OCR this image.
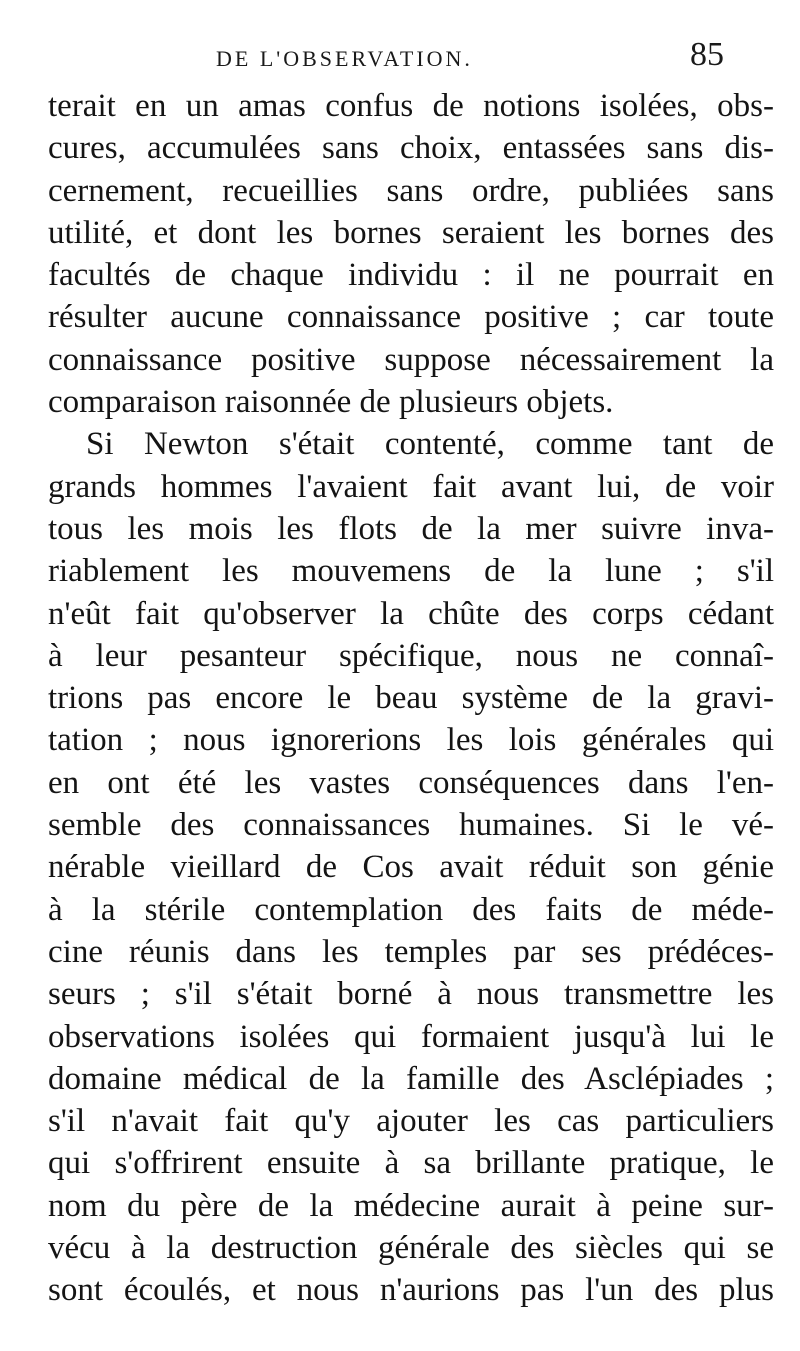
DE L'OBSERVATION.	85
terait en un amas confus de notions isolées, obs-
cures, accumulées sans choix, entassées sans dis-
cernement, recueillies sans ordre, publiées sans
utilité, et dont les bornes seraient les bornes des
facultés de chaque individu : il ne pourrait en
résulter aucune connaissance positive ; car toute
connaissance positive suppose nécessairement la
comparaison raisonnée de plusieurs objets.
Si Newton s'était contenté, comme tant de
grands hommes l'avaient fait avant lui, de voir
tous les mois les flots de la mer suivre inva-
riablement les mouvemens de la lune ; s'il
n'eût fait qu'observer la chûte des corps cédant
à leur pesanteur spécifique, nous ne connaî-
trions pas encore le beau système de la gravi-
tation ; nous ignorerions les lois générales qui
en ont été les vastes conséquences dans l'en-
semble des connaissances humaines. Si le vé-
nérable vieillard de Cos avait réduit son génie
à la stérile contemplation des faits de méde-
cine réunis dans les temples par ses prédéces-
seurs ; s'il s'était borné à nous transmettre les
observations isolées qui formaient jusqu'à lui le
domaine médical de la famille des Asclépiades ;
s'il n'avait fait qu'y ajouter les cas particuliers
qui s'offrirent ensuite à sa brillante pratique, le
nom du père de la médecine aurait à peine sur-
vécu à la destruction générale des siècles qui se
sont écoulés, et nous n'aurions pas l'un des plus
